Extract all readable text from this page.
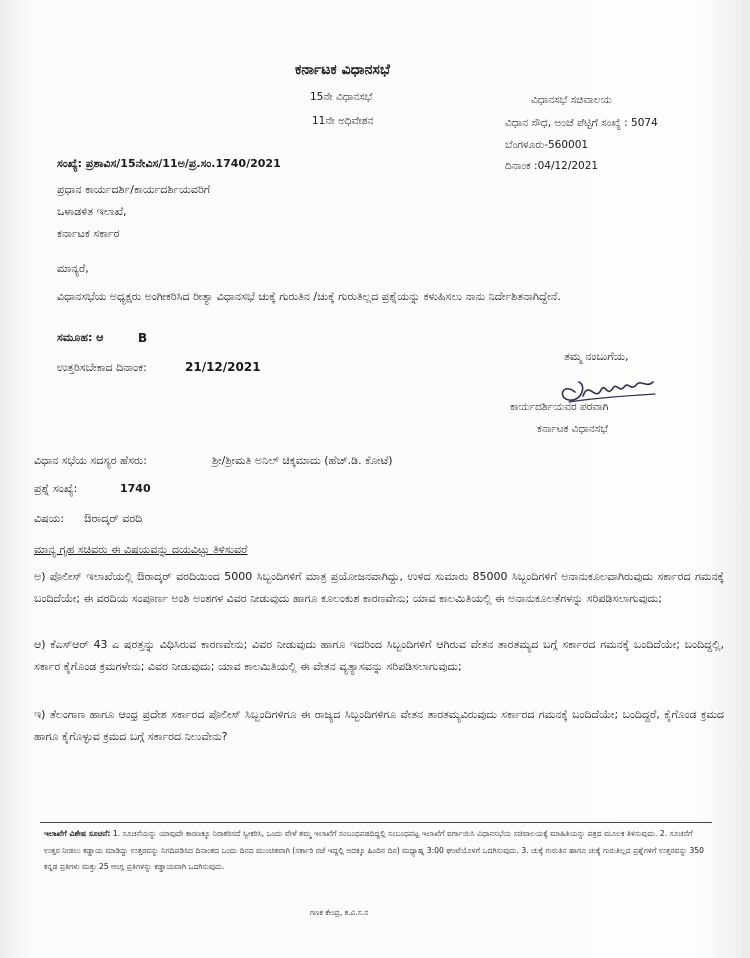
ಕರ್ನಾಟಕ ವಿಧಾನಸಭೆ
15ನೇ ವಿಧಾನಸಭೆ
11ನೇ ಅಧಿವೇಶನ
ವಿಧಾನಸಭೆ ಸಚಿವಾಲಯ
ವಿಧಾನ ಸೌಧ, ಅಂಚೆ ಪೆಟ್ಟಿಗೆ ಸಂಖ್ಯೆ : 5074
ಬೆಂಗಳೂರು-560001
ದಿನಾಂಕ :04/12/2021
ಸಂಖ್ಯೆ: ಪ್ರಶಾವಿಸ/15ನೇವಿಸ/11ಅ/ಪ್ರ.ಸಂ.1740/2021
ಪ್ರಧಾನ ಕಾರ್ಯದರ್ಶಿ/ಕಾರ್ಯದರ್ಶಿಯವರಿಗೆ
ಒಳಾಡಳಿತ ಇಲಾಖೆ,
ಕರ್ನಾಟಕ ಸರ್ಕಾರ
ಮಾನ್ಯರೆ,
ವಿಧಾನಸಭೆಯ ಅಧ್ಯಕ್ಷರು ಅಂಗೀಕರಿಸಿದ ರೀತ್ಯಾ ವಿಧಾನಸಭೆ ಚುಕ್ಕೆ ಗುರುತಿನ /ಚುಕ್ಕೆ ಗುರುತಿಲ್ಲದ ಪ್ರಶ್ನೆಯನ್ನು ಕಳುಹಿಸಲು ನಾನು ನಿರ್ದೇಶಿತನಾಗಿದ್ದೇನೆ.
ಸಮೂಹ: ಆ	B
ಉತ್ತರಿಸಬೇಕಾದ ದಿನಾಂಕ:	21/12/2021
ತಮ್ಮ ನಂಬುಗೆಯ,
ಕಾರ್ಯದರ್ಶಿಯವರ ಪರವಾಗಿ
ಕರ್ನಾಟಕ ವಿಧಾನಸಭೆ
ವಿಧಾನ ಸಭೆಯ ಸದಸ್ಯರ ಹೆಸರು:	ಶ್ರೀ/ಶ್ರೀಮತಿ ಅನಿಲ್ ಚಿಕ್ಕಮಾದು (ಹೆಚ್.ಡಿ. ಕೋಟೆ)
ಪ್ರಶ್ನೆ ಸಂಖ್ಯೆ:	1740
ವಿಷಯ: ಔರಾದ್ಕರ್ ವರದಿ
ಮಾನ್ಯ ಗೃಹ ಸಚಿವರು ಈ ವಿಷಯವನ್ನು ದಯವಿಟ್ಟು ತಿಳಿಸುವರೆ
ಅ) ಪೊಲೀಸ್ ಇಲಾಖೆಯಲ್ಲಿ ಔರಾದ್ಕರ್ ವರದಿಯಿಂದ 5000 ಸಿಬ್ಬಂದಿಗಳಿಗೆ ಮಾತ್ರ ಪ್ರಯೋಜನವಾಗಿದ್ದು, ಉಳಿದ ಸುಮಾರು 85000 ಸಿಬ್ಬಂದಿಗಳಿಗೆ ಅನಾನುಕೂಲವಾಗಿರುವುದು ಸರ್ಕಾರದ ಗಮನಕ್ಕೆ ಬಂದಿದೆಯೇ; ಈ ವರದಿಯ ಸಂಪೂರ್ಣ ಅಂಶಿ ಅಂಶಗಳ ವಿವರ ನೀಡುವುದು ಹಾಗೂ ಕೂಲಂಕುಶ ಕಾರಣವೇನು; ಯಾವ ಕಾಲಮಿತಿಯಲ್ಲಿ ಈ ಅನಾನುಕೂಲತೆಗಳನ್ನು ಸರಿಪಡಿಸಲಾಗುವುದು;
ಆ) ಕೆಎಸ್‌ಆರ್ 43 ಎ ಷರತ್ತನ್ನು ವಿಧಿಸಿರುವ ಕಾರಣವೇನು; ವಿವರ ನೀಡುವುದು ಹಾಗೂ ಇದರಿಂದ ಸಿಬ್ಬಂದಿಗಳಿಗೆ ಆಗಿರುವ ವೇತನ ತಾರತಮ್ಯದ ಬಗ್ಗೆ ಸರ್ಕಾರದ ಗಮನಕ್ಕೆ ಬಂದಿದೆಯೇ; ಬಂದಿದ್ದಲ್ಲಿ, ಸರ್ಕಾರ ಕೈಗೊಂಡ ಕ್ರಮಗಳೇನು; ವಿವರ ನೀಡುವುದು; ಯಾವ ಕಾಲಮಿತಿಯಲ್ಲಿ ಈ ವೇತನ ವ್ಯತ್ಯಾಸವನ್ನು ಸರಿಪಡಿಸಲಾಗುವುದು;
ಇ) ತೆಲಂಗಾಣ ಹಾಗೂ ಆಂಧ್ರ ಪ್ರದೇಶ ಸರ್ಕಾರದ ಪೊಲೀಸ್ ಸಿಬ್ಬಂದಿಗಳಿಗೂ ಈ ರಾಜ್ಯದ ಸಿಬ್ಬಂದಿಗಳಿಗೂ ವೇತನ ತಾರತಮ್ಯವಿರುವುದು ಸರ್ಕಾರದ ಗಮನಕ್ಕೆ ಬಂದಿದೆಯೇ; ಬಂದಿದ್ದರೆ, ಕೈಗೊಂಡ ಕ್ರಮದ ಹಾಗೂ ಕೈಗೊಳ್ಳುವ ಕ್ರಮದ ಬಗ್ಗೆ ಸರ್ಕಾರದ ನಿಲುವೇನು?
ಇಲಾಖೆಗೆ ವಿಶೇಷ ಸೂಚನೆ: 1. ಸೂಚನೆಯನ್ನು ಯಾವುದೇ ಕಾರಣಕ್ಕೂ ನಿರಾಕರಿಸದೆ ಸ್ವೀಕರಿಸಿ, ಒಂದು ವೇಳೆ ತಮ್ಮ ಇಲಾಖೆಗೆ ಸಂಬಂಧಪಡದಿದ್ದಲ್ಲಿ ಸಂಬಂಧಪಟ್ಟ ಇಲಾಖೆಗೆ ವರ್ಗಾಯಿಸಿ ವಿಧಾನಸಭೆಯ ಸಚಿವಾಲಯಕ್ಕೆ ಮಾಹಿತಿಯನ್ನು ಪತ್ರದ ಮೂಲಕ ತಿಳಿಸುವುದು. 2. ಸೂಚನೆಗೆ ಉತ್ತರ ನೀಡಲು ಕಡ್ಡಾಯ ಮಾಡಿದ್ದು ಉತ್ತರವನ್ನು ನಿಗದಿಪಡಿಸಿದ ದಿನಾಂಕದ ಒಂದು ದಿನದ ಮುಂಚಿತವಾಗಿ (ಸರ್ಕಾರಿ ರಜೆ ಇದ್ದಲ್ಲಿ ಅದಕ್ಕೂ ಹಿಂದಿನ ದಿನ) ಮಧ್ಯಾಹ್ನ 3:00 ಘಂಟೆಯೊಳಗೆ ಒದಗಿಸುವುದು. 3. ಚುಕ್ಕೆ ಗುರುತಿನ ಹಾಗೂ ಚುಕ್ಕೆ ಗುರುತಿಲ್ಲದ ಪ್ರಶ್ನೆಗಳಿಗೆ ಉತ್ತರವನ್ನು 350 ಕನ್ನಡ ಪ್ರತಿಗಳು ಮತ್ತು 25 ಆಂಗ್ಲ ಪ್ರತಿಗಳನ್ನು ಕಡ್ಡಾಯವಾಗಿ ಒದಗಿಸುವುದು.
ಗಣಕ ಕೇಂದ್ರ, ಕ.ವಿ.ಸ.ಸ
